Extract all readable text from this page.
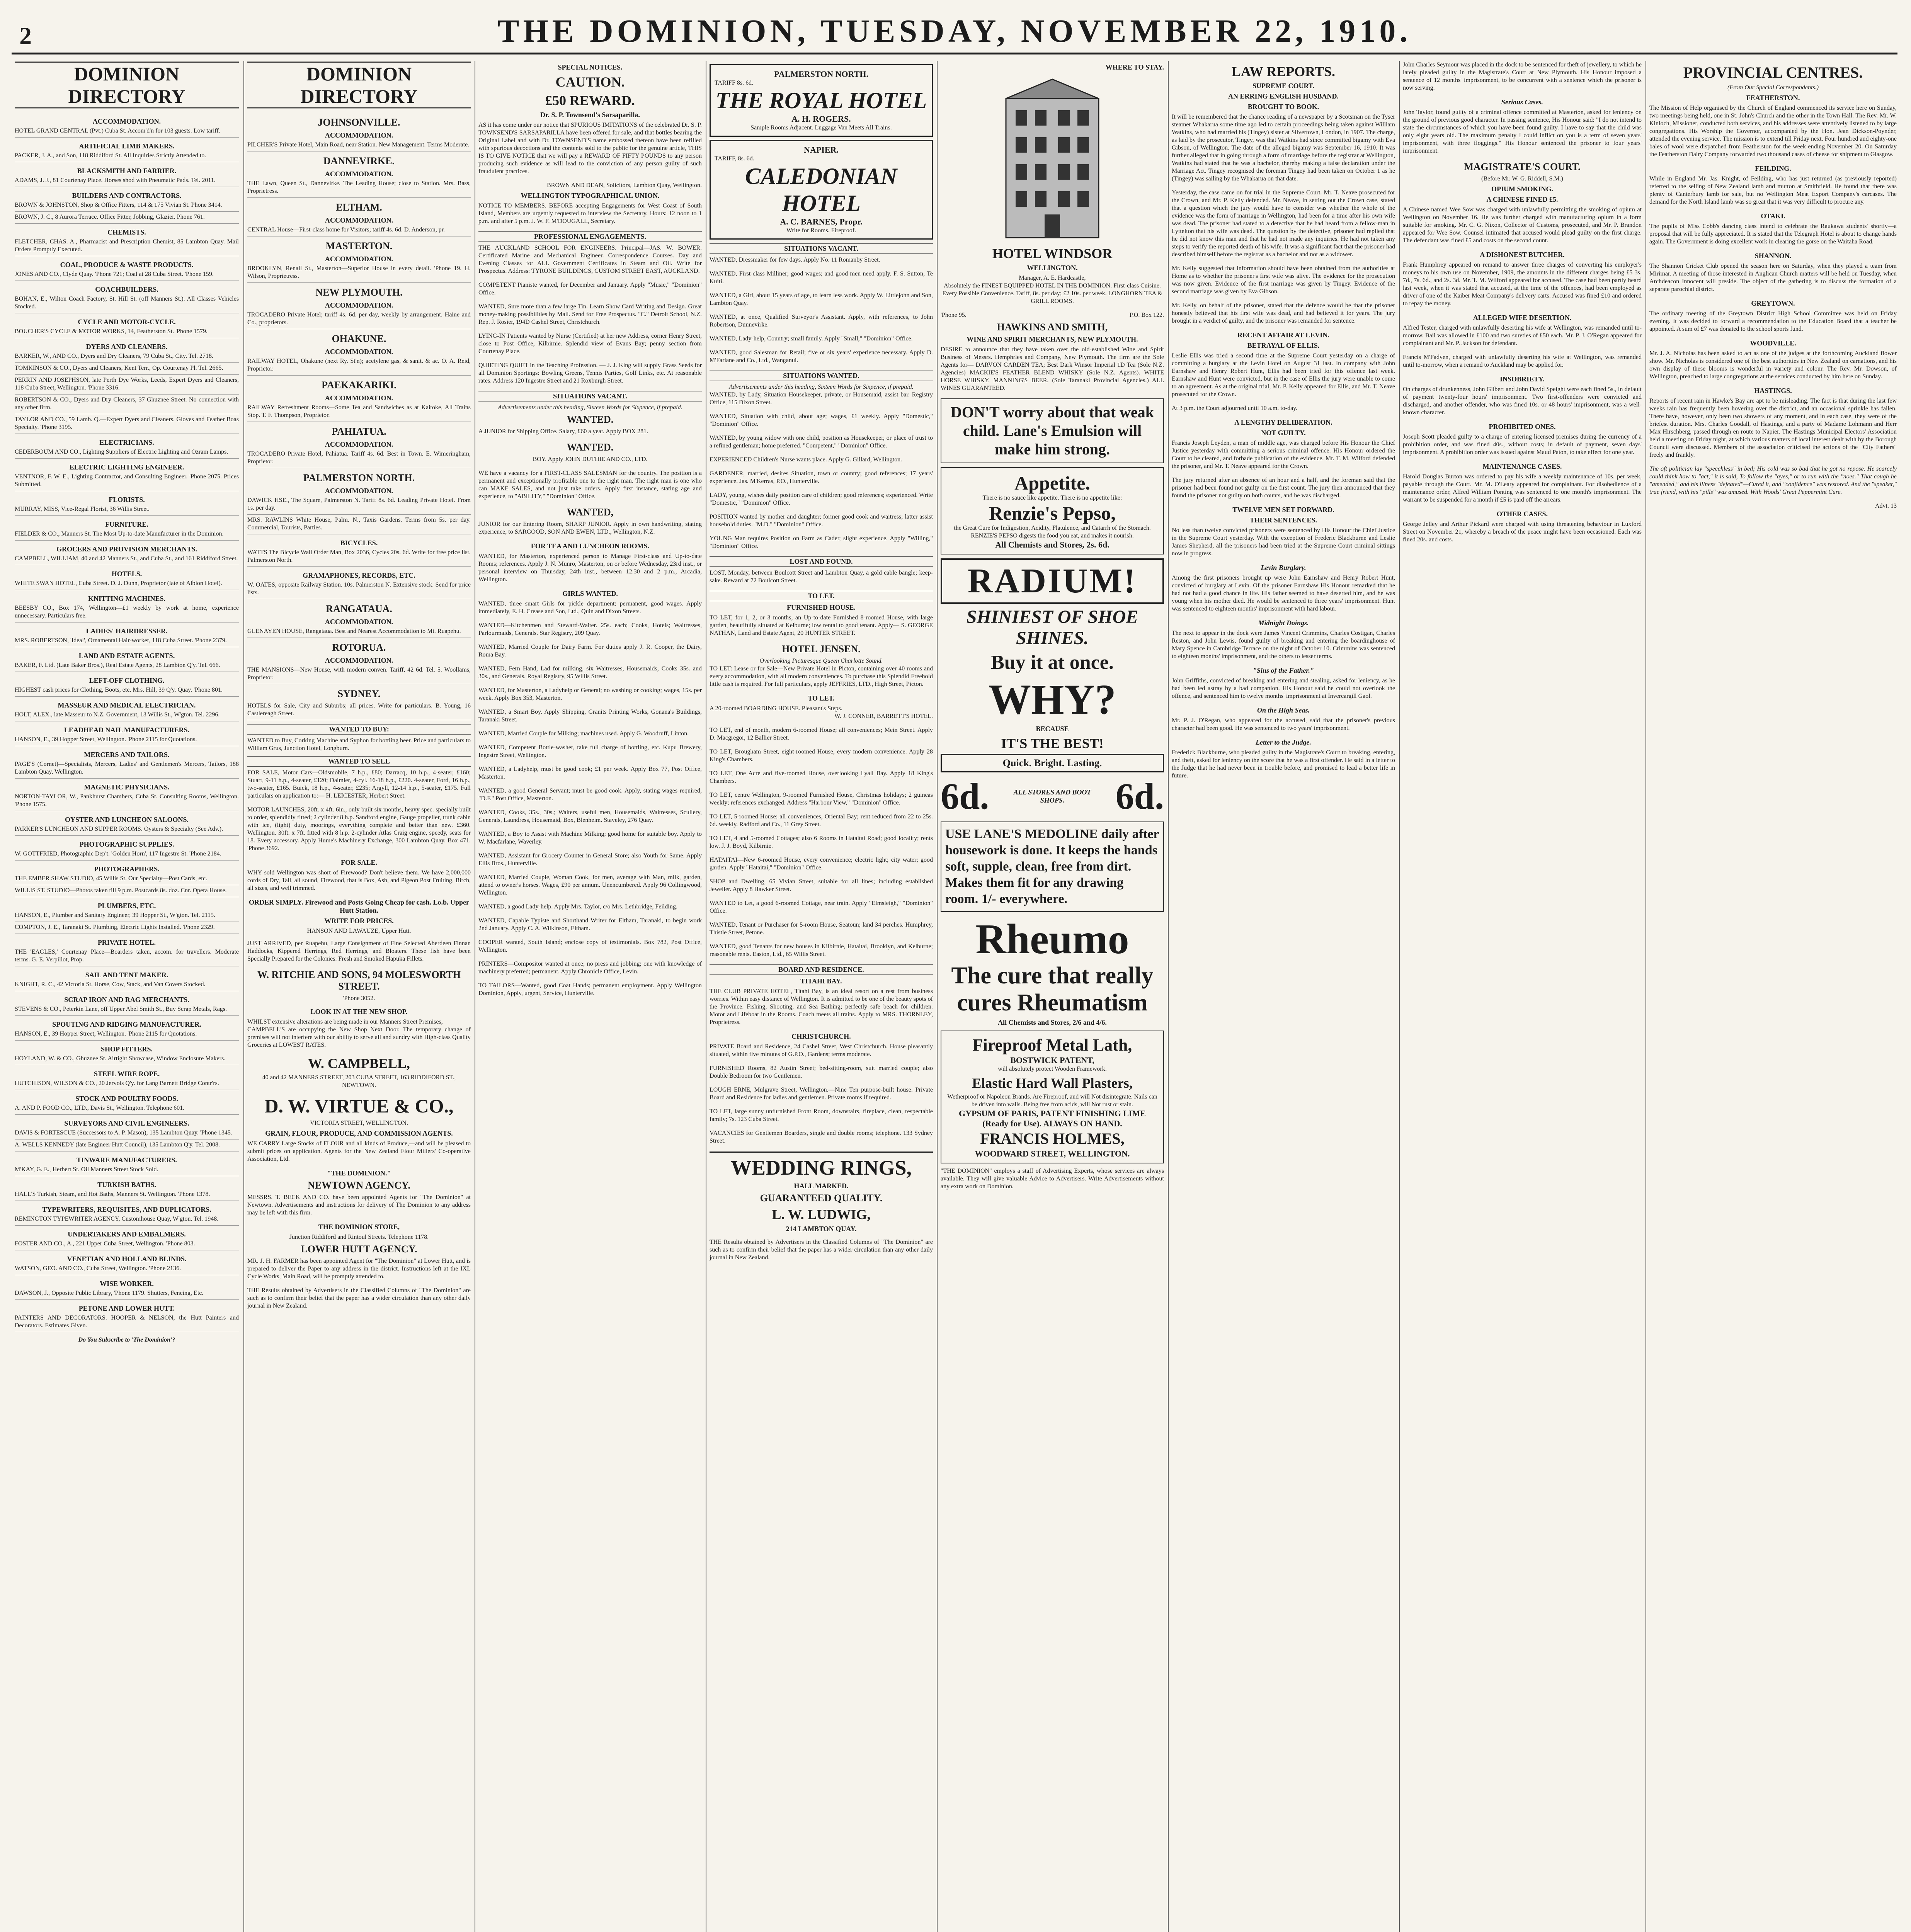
2	THE DOMINION, TUESDAY, NOVEMBER 22, 1910.
DOMINION DIRECTORY
ACCOMMODATION.
HOTEL GRAND CENTRAL (Pvt.) Cuba St. Accom'd'n for 103 guests. Low tariff.
ARTIFICIAL LIMB MAKERS.
PACKER, J. A., and Son, 118 Riddiford St. All Inquiries Strictly Attended to.
BLACKSMITH AND FARRIER.
ADAMS, J. J., 81 Courtenay Place. Horses shod with Pneumatic Pads. Tel. 2011.
BUILDERS AND CONTRACTORS.
BROWN & JOHNSTON, Shop & Office Fitters, 114 & 175 Vivian St. Phone 3414.
BROWN, J. C., 8 Aurora Terrace. Office Fitter, Jobbing, Glazier. Phone 761.
CHEMISTS.
FLETCHER, CHAS. A., Pharmacist and Prescription Chemist, 85 Lambton Quay. Mail Orders Promptly Executed.
COAL, PRODUCE & WASTE PRODUCTS.
JONES AND CO., Clyde Quay. 'Phone 721; Coal at 28 Cuba Street. 'Phone 159.
COACHBUILDERS.
BOHAN, E., Wilton Coach Factory, St. Hill St. (off Manners St.). All Classes Vehicles Stocked.
CYCLE AND MOTOR-CYCLE.
BOUCHER'S CYCLE & MOTOR WORKS, 14, Featherston St. 'Phone 1579.
DYERS AND CLEANERS.
BARKER, W., AND CO., Dyers and Dry Cleaners, 79 Cuba St., City. Tel. 2718.
TOMKINSON & CO., Dyers and Cleaners, Kent Terr., Op. Courtenay Pl. Tel. 2665.
PERRIN AND JOSEPHSON, late Perth Dye Works, Leeds, Expert Dyers and Cleaners, 118 Cuba Street, Wellington. 'Phone 3316.
ROBERTSON & CO., Dyers and Dry Cleaners, 37 Ghuznee Street. No connection with any other firm.
TAYLOR AND CO., 59 Lamb. Q.—Expert Dyers and Cleaners. Gloves and Feather Boas Specialty. 'Phone 3195.
ELECTRICIANS.
CEDERBOUM AND CO., Lighting Suppliers of Electric Lighting and Ozram Lamps.
ELECTRIC LIGHTING ENGINEER.
VENTNOR, F. W. E., Lighting Contractor, and Consulting Engineer. 'Phone 2075. Prices Submitted.
FLORISTS.
MURRAY, MISS, Vice-Regal Florist, 36 Willis Street.
FURNITURE.
FIELDER & CO., Manners St. The Most Up-to-date Manufacturer in the Dominion.
GROCERS AND PROVISION MERCHANTS.
CAMPBELL, WILLIAM, 40 and 42 Manners St., and Cuba St., and 161 Riddiford Street.
HOTELS.
WHITE SWAN HOTEL, Cuba Street. D. J. Dunn, Proprietor (late of Albion Hotel).
KNITTING MACHINES.
BEESBY CO., Box 174, Wellington—£1 weekly by work at home, experience unnecessary. Particulars free.
LADIES' HAIRDRESSER.
MRS. ROBERTSON, 'Ideal', Ornamental Hair-worker, 118 Cuba Street. 'Phone 2379.
LAND AND ESTATE AGENTS.
BAKER, F. Ltd. (Late Baker Bros.), Real Estate Agents, 28 Lambton Q'y. Tel. 666.
LEFT-OFF CLOTHING.
HIGHEST cash prices for Clothing, Boots, etc. Mrs. Hill, 39 Q'y. Quay. 'Phone 801.
MASSEUR AND MEDICAL ELECTRICIAN.
HOLT, ALEX., late Masseur to N.Z. Government, 13 Willis St., W'gton. Tel. 2296.
LEADHEAD NAIL MANUFACTURERS.
HANSON, E., 39 Hopper Street, Wellington. 'Phone 2115 for Quotations.
MERCERS AND TAILORS.
PAGE'S (Cornet)—Specialists, Mercers, Ladies' and Gentlemen's Mercers, Tailors, 188 Lambton Quay, Wellington.
MAGNETIC PHYSICIANS.
NORTON-TAYLOR, W., Pankhurst Chambers, Cuba St. Consulting Rooms, Wellington. 'Phone 1575.
OYSTER AND LUNCHEON SALOONS.
PARKER'S LUNCHEON AND SUPPER ROOMS. Oysters & Specialty (See Adv.).
PHOTOGRAPHIC SUPPLIES.
W. GOTTFRIED, Photographic Dep't. 'Golden Horn', 117 Ingestre St. 'Phone 2184.
PHOTOGRAPHERS.
THE EMBER SHAW STUDIO, 45 Willis St. Our Specialty—Post Cards, etc.
WILLIS ST. STUDIO—Photos taken till 9 p.m. Postcards 8s. doz. Cnr. Opera House.
PLUMBERS, ETC.
HANSON, E., Plumber and Sanitary Engineer, 39 Hopper St., W'gton. Tel. 2115.
COMPTON, J. E., Taranaki St. Plumbing, Electric Lights Installed. 'Phone 2329.
PRIVATE HOTEL.
THE 'EAGLES,' Courtenay Place—Boarders taken, accom. for travellers. Moderate terms. G. E. Verpillot, Prop.
SAIL AND TENT MAKER.
KNIGHT, R. C., 42 Victoria St. Horse, Cow, Stack, and Van Covers Stocked.
SCRAP IRON AND RAG MERCHANTS.
STEVENS & CO., Peterkin Lane, off Upper Abel Smith St., Buy Scrap Metals, Rags.
SPOUTING AND RIDGING MANUFACTURER.
HANSON, E., 39 Hopper Street, Wellington. 'Phone 2115 for Quotations.
SHOP FITTERS.
HOYLAND, W. & CO., Ghuznee St. Airtight Showcase, Window Enclosure Makers.
STEEL WIRE ROPE.
HUTCHISON, WILSON & CO., 20 Jervois Q'y. for Lang Barnett Bridge Contr'rs.
STOCK AND POULTRY FOODS.
A. AND P. FOOD CO., LTD., Davis St., Wellington. Telephone 601.
SURVEYORS AND CIVIL ENGINEERS.
DAVIS & FORTESCUE (Successors to A. P. Mason), 135 Lambton Quay. 'Phone 1345.
A. WELLS KENNEDY (late Engineer Hutt Council), 135 Lambton Q'y. Tel. 2008.
TINWARE MANUFACTURERS.
M'KAY, G. E., Herbert St. Oil Manners Street Stock Sold.
TURKISH BATHS.
HALL'S Turkish, Steam, and Hot Baths, Manners St. Wellington. 'Phone 1378.
TYPEWRITERS, REQUISITES, AND DUPLICATORS.
REMINGTON TYPEWRITER AGENCY, Customhouse Quay, W'gton. Tel. 1948.
UNDERTAKERS AND EMBALMERS.
FOSTER AND CO., A., 221 Upper Cuba Street, Wellington. 'Phone 803.
VENETIAN AND HOLLAND BLINDS.
WATSON, GEO. AND CO., Cuba Street, Wellington. 'Phone 2136.
WISE WORKER.
DAWSON, J., Opposite Public Library, 'Phone 1179. Shutters, Fencing, Etc.
PETONE AND LOWER HUTT.
PAINTERS AND DECORATORS. HOOPER & NELSON, the Hutt Painters and Decorators. Estimates Given.
Do You Subscribe to 'The Dominion'?
DOMINION DIRECTORY
JOHNSONVILLE.
ACCOMMODATION.
PILCHER'S Private Hotel, Main Road, near Station. New Management. Terms Moderate.
DANNEVIRKE.
ACCOMMODATION.
THE Lawn, Queen St., Dannevirke. The Leading House; close to Station. Mrs. Bass, Proprietress.
ELTHAM.
ACCOMMODATION.
CENTRAL House—First-class home for Visitors; tariff 4s. 6d. D. Anderson, pr.
MASTERTON.
ACCOMMODATION.
BROOKLYN, Renall St., Masterton—Superior House in every detail. 'Phone 19. H. Wilson, Proprietress.
NEW PLYMOUTH.
ACCOMMODATION.
TROCADERO Private Hotel; tariff 4s. 6d. per day, weekly by arrangement. Haine and Co., proprietors.
OHAKUNE.
ACCOMMODATION.
RAILWAY HOTEL, Ohakune (next Ry. St'n); acetylene gas, & sanit. & ac. O. A. Reid, Proprietor.
PAEKAKARIKI.
ACCOMMODATION.
RAILWAY Refreshment Rooms—Some Tea and Sandwiches as at Kaitoke, All Trains Stop. T. F. Thompson, Proprietor.
PAHIATUA.
ACCOMMODATION.
TROCADERO Private Hotel, Pahiatua. Tariff 4s. 6d. Best in Town. E. Wimeringham, Proprietor.
PALMERSTON NORTH.
ACCOMMODATION.
DAWICK HSE., The Square, Palmerston N. Tariff 8s. 6d. Leading Private Hotel. From 1s. per day.
MRS. RAWLINS White House, Palm. N., Taxis Gardens. Terms from 5s. per day. Commercial, Tourists, Parties.
BICYCLES.
WATTS The Bicycle Wall Order Man, Box 2036, Cycles 20s. 6d. Write for free price list. Palmerston North.
GRAMAPHONES, RECORDS, ETC.
W. OATES, opposite Railway Station. 10s. Palmerston N. Extensive stock. Send for price lists.
RANGATAUA.
ACCOMMODATION.
GLENAYEN HOUSE, Rangataua. Best and Nearest Accommodation to Mt. Ruapehu.
ROTORUA.
ACCOMMODATION.
THE MANSIONS—New House, with modern conven. Tariff, 42 6d. Tel. 5. Woollams, Proprietor.
SYDNEY.
HOTELS for Sale, City and Suburbs; all prices. Write for particulars. B. Young, 16 Castlereagh Street.
WANTED TO BUY:
WANTED to Buy, Corking Machine and Syphon for bottling beer. Price and particulars to William Grus, Junction Hotel, Longburn.
WANTED TO SELL
FOR SALE, Motor Cars—Oldsmobile, 7 h.p., £80; Darracq, 10 h.p., 4-seater, £160; Stuart, 9-11 h.p., 4-seater, £120; Daimler, 4-cyl. 16-18 h.p., £220. 4-seater, Ford, 16 h.p., two-seater, £165. Buick, 18 h.p., 4-seater, £235; Argyll, 12-14 h.p., 5-seater, £175. Full particulars on application to:— H. LEICESTER, Herbert Street.
MOTOR LAUNCHES, 20ft. x 4ft. 6in., only built six months, heavy spec. specially built to order, splendidly fitted; 2 cylinder 8 h.p. Sandford engine, Gauge propeller, trunk cabin with ice, (light) duty, moorings, everything complete and better than new. £360. Wellington. 30ft. x 7ft. fitted with 8 h.p. 2-cylinder Atlas Craig engine, speedy, seats for 18. Every accessory. Apply Hume's Machinery Exchange, 300 Lambton Quay. Box 471. 'Phone 3692.
FOR SALE.
WHY sold Wellington was short of Firewood? Don't believe them. We have 2,000,000 cords of Dry, Tall, all sound, Firewood, that is Box, Ash, and Pigeon Post Fruiting, Birch, all sizes, and well trimmed.
ORDER SIMPLY. Firewood and Posts Going Cheap for cash. Lo.b. Upper Hutt Station.
WRITE FOR PRICES.
HANSON AND LAWAUZE, Upper Hutt.
JUST ARRIVED, per Ruapehu, Large Consignment of Fine Selected Aberdeen Finnan Haddocks, Kippered Herrings, Red Herrings, and Bloaters. These fish have been Specially Prepared for the Colonies. Fresh and Smoked Hapuka Fillets.
W. RITCHIE AND SONS, 94 MOLESWORTH STREET.
'Phone 3052.
LOOK IN AT THE NEW SHOP.
WHILST extensive alterations are being made in our Manners Street Premises,
CAMPBELL'S are occupying the New Shop Next Door. The temporary change of premises will not interfere with our ability to serve all and sundry with High-class Quality Groceries at LOWEST RATES.
W. CAMPBELL,
40 and 42 MANNERS STREET, 203 CUBA STREET, 163 RIDDIFORD ST., NEWTOWN.
D. W. VIRTUE & CO.,
VICTORIA STREET, WELLINGTON.
GRAIN, FLOUR, PRODUCE, AND COMMISSION AGENTS.
WE CARRY Large Stocks of FLOUR and all kinds of Produce,—and will be pleased to submit prices on application. Agents for the New Zealand Flour Millers' Co-operative Association, Ltd.
"THE DOMINION."
NEWTOWN AGENCY.
MESSRS. T. BECK AND CO. have been appointed Agents for "The Dominion" at Newtown. Advertisements and instructions for delivery of The Dominion to any address may be left with this firm.
THE DOMINION STORE,
Junction Riddiford and Rintoul Streets. Telephone 1178.
LOWER HUTT AGENCY.
MR. J. H. FARMER has been appointed Agent for "The Dominion" at Lower Hutt, and is prepared to deliver the Paper to any address in the district. Instructions left at the IXL Cycle Works, Main Road, will be promptly attended to.
THE Results obtained by Advertisers in the Classified Columns of "The Dominion" are such as to confirm their belief that the paper has a wider circulation than any other daily journal in New Zealand.
SPECIAL NOTICES.
CAUTION.
£50 REWARD.
Dr. S. P. Townsend's Sarsaparilla.
AS it has come under our notice that SPURIOUS IMITATIONS of the celebrated Dr. S. P. TOWNSEND'S SARSAPARILLA have been offered for sale, and that bottles bearing the Original Label and with Dr. TOWNSEND'S name embossed thereon have been refilled with spurious decoctions and the contents sold to the public for the genuine article, THIS IS TO GIVE NOTICE that we will pay a REWARD OF FIFTY POUNDS to any person producing such evidence as will lead to the conviction of any person guilty of such fraudulent practices.
BROWN AND DEAN, Solicitors, Lambton Quay, Wellington.
WELLINGTON TYPOGRAPHICAL UNION.
NOTICE TO MEMBERS. BEFORE accepting Engagements for West Coast of South Island, Members are urgently requested to interview the Secretary. Hours: 12 noon to 1 p.m. and after 5 p.m. J. W. F. M'DOUGALL, Secretary.
PROFESSIONAL ENGAGEMENTS.
THE AUCKLAND SCHOOL FOR ENGINEERS. Principal—JAS. W. BOWER. Certificated Marine and Mechanical Engineer. Correspondence Courses. Day and Evening Classes for ALL Government Certificates in Steam and Oil. Write for Prospectus. Address: TYRONE BUILDINGS, CUSTOM STREET EAST, AUCKLAND.
COMPETENT Pianiste wanted, for December and January. Apply "Music," "Dominion" Office.
WANTED, Sure more than a few large Tin. Learn Show Card Writing and Design. Great money-making possibilities by Mail. Send for Free Prospectus. "C." Detroit School, N.Z. Rep. J. Rosier, 194D Cashel Street, Christchurch.
LYING-IN Patients wanted by Nurse (Certified) at her new Address, corner Henry Street, close to Post Office, Kilbirnie. Splendid view of Evans Bay; penny section from Courtenay Place.
QUIETING QUIET in the Teaching Profession. — J. J. King will supply Grass Seeds for all Dominion Sportings: Bowling Greens, Tennis Parties, Golf Links, etc. At reasonable rates. Address 120 Ingestre Street and 21 Roxburgh Street.
SITUATIONS VACANT.
Advertisements under this heading, Sixteen Words for Sixpence, if prepaid.
WANTED.
A JUNIOR for Shipping Office. Salary, £60 a year. Apply BOX 281.
WANTED.
BOY. Apply JOHN DUTHIE AND CO., LTD.
WE have a vacancy for a FIRST-CLASS SALESMAN for the country. The position is a permanent and exceptionally profitable one to the right man. The right man is one who can MAKE SALES, and not just take orders. Apply first instance, stating age and experience, to "ABILITY," "Dominion" Office.
WANTED,
JUNIOR for our Entering Room, SHARP JUNIOR. Apply in own handwriting, stating experience, to SARGOOD, SON AND EWEN, LTD., Wellington, N.Z.
FOR TEA AND LUNCHEON ROOMS.
WANTED, for Masterton, experienced person to Manage First-class and Up-to-date Rooms; references. Apply J. N. Munro, Masterton, on or before Wednesday, 23rd inst., or personal interview on Thursday, 24th inst., between 12.30 and 2 p.m., Arcadia, Wellington.
GIRLS WANTED.
WANTED, three smart Girls for pickle department; permanent, good wages. Apply immediately, E. H. Crease and Son, Ltd., Quin and Dixon Streets.
WANTED—Kitchenmen and Steward-Waiter. 25s. each; Cooks, Hotels; Waitresses, Parlourmaids, Generals. Star Registry, 209 Quay.
WANTED, Married Couple for Dairy Farm. For duties apply J. R. Cooper, the Dairy, Roma Bay.
WANTED, Fern Hand, Lad for milking, six Waitresses, Housemaids, Cooks 35s. and 30s., and Generals. Royal Registry, 95 Willis Street.
WANTED, for Masterton, a Ladyhelp or General; no washing or cooking; wages, 15s. per week. Apply Box 353, Masterton.
WANTED, a Smart Boy. Apply Shipping, Granits Printing Works, Gonana's Buildings, Taranaki Street.
WANTED, Married Couple for Milking; machines used. Apply G. Woodruff, Linton.
WANTED, Competent Bottle-washer, take full charge of bottling, etc. Kupu Brewery, Ingestre Street, Wellington.
WANTED, a Ladyhelp, must be good cook; £1 per week. Apply Box 77, Post Office, Masterton.
WANTED, a good General Servant; must be good cook. Apply, stating wages required, "D.F." Post Office, Masterton.
WANTED, Cooks, 35s., 30s.; Waiters, useful men, Housemaids, Waitresses, Scullery, Generals, Laundress, Housemaid, Box, Blenheim. Staveley, 276 Quay.
WANTED, a Boy to Assist with Machine Milking; good home for suitable boy. Apply to W. Macfarlane, Waverley.
WANTED, Assistant for Grocery Counter in General Store; also Youth for Same. Apply Ellis Bros., Hunterville.
WANTED, Married Couple, Woman Cook, for men, average with Man, milk, garden, attend to owner's horses. Wages, £90 per annum. Unencumbered. Apply 96 Collingwood, Wellington.
WANTED, a good Lady-help. Apply Mrs. Taylor, c/o Mrs. Lethbridge, Feilding.
WANTED, Capable Typiste and Shorthand Writer for Eltham, Taranaki, to begin work 2nd January. Apply C. A. Wilkinson, Eltham.
COOPER wanted, South Island; enclose copy of testimonials. Box 782, Post Office, Wellington.
PRINTERS—Compositor wanted at once; no press and jobbing; one with knowledge of machinery preferred; permanent. Apply Chronicle Office, Levin.
TO TAILORS—Wanted, good Coat Hands; permanent employment. Apply Wellington Dominion, Apply, urgent, Service, Hunterville.
PALMERSTON NORTH.
TARIFF 8s. 6d.
THE ROYAL HOTEL
A. H. ROGERS.
Sample Rooms Adjacent. Luggage Van Meets All Trains.
NAPIER.
TARIFF, 8s. 6d.
CALEDONIAN HOTEL
A. C. BARNES, Propr.
Write for Rooms. Fireproof.
SITUATIONS VACANT.
WANTED, Dressmaker for few days. Apply No. 11 Romanby Street.
WANTED, First-class Milliner; good wages; and good men need apply. F. S. Sutton, Te Kuiti.
WANTED, a Girl, about 15 years of age, to learn less work. Apply W. Littlejohn and Son, Lambton Quay.
WANTED, at once, Qualified Surveyor's Assistant. Apply, with references, to John Robertson, Dunnevirke.
WANTED, Lady-help, Country; small family. Apply "Small," "Dominion" Office.
WANTED, good Salesman for Retail; five or six years' experience necessary. Apply D. M'Farlane and Co., Ltd., Wanganui.
SITUATIONS WANTED.
Advertisements under this heading, Sixteen Words for Sixpence, if prepaid.
WANTED, by Lady, Situation Housekeeper, private, or Housemaid, assist bar. Registry Office, 115 Dixon Street.
WANTED, Situation with child, about age; wages, £1 weekly. Apply "Domestic," "Dominion" Office.
WANTED, by young widow with one child, position as Housekeeper, or place of trust to a refined gentleman; home preferred. "Competent," "Dominion" Office.
EXPERIENCED Children's Nurse wants place. Apply G. Gillard, Wellington.
GARDENER, married, desires Situation, town or country; good references; 17 years' experience. Jas. M'Kerras, P.O., Hunterville.
LADY, young, wishes daily position care of children; good references; experienced. Write "Domestic," "Dominion" Office.
POSITION wanted by mother and daughter; former good cook and waitress; latter assist household duties. "M.D." "Dominion" Office.
YOUNG Man requires Position on Farm as Cadet; slight experience. Apply "Willing," "Dominion" Office.
LOST AND FOUND.
LOST, Monday, between Boulcott Street and Lambton Quay, a gold cable bangle; keep-sake. Reward at 72 Boulcott Street.
TO LET.
FURNISHED HOUSE.
TO LET, for 1, 2, or 3 months, an Up-to-date Furnished 8-roomed House, with large garden, beautifully situated at Kelburne; low rental to good tenant. Apply— S. GEORGE NATHAN, Land and Estate Agent, 20 HUNTER STREET.
HOTEL JENSEN.
Overlooking Picturesque Queen Charlotte Sound.
TO LET: Lease or for Sale—New Private Hotel in Picton, containing over 40 rooms and every accommodation, with all modern conveniences. To purchase this Splendid Freehold little cash is required. For full particulars, apply JEFFRIES, LTD., High Street, Picton.
TO LET.
A 20-roomed BOARDING HOUSE. Pleasant's Steps.
W. J. CONNER, BARRETT'S HOTEL.
TO LET, end of month, modern 6-roomed House; all conveniences; Mein Street. Apply D. Macgregor, 12 Ballier Street.
TO LET, Brougham Street, eight-roomed House, every modern convenience. Apply 28 King's Chambers.
TO LET, One Acre and five-roomed House, overlooking Lyall Bay. Apply 18 King's Chambers.
TO LET, centre Wellington, 9-roomed Furnished House, Christmas holidays; 2 guineas weekly; references exchanged. Address "Harbour View," "Dominion" Office.
TO LET, 5-roomed House; all conveniences, Oriental Bay; rent reduced from 22 to 25s. 6d. weekly. Radford and Co., 11 Grey Street.
TO LET, 4 and 5-roomed Cottages; also 6 Rooms in Hataitai Road; good locality; rents low. J. J. Boyd, Kilbirnie.
HATAITAI—New 6-roomed House, every convenience; electric light; city water; good garden. Apply "Hataitai," "Dominion" Office.
SHOP and Dwelling, 65 Vivian Street, suitable for all lines; including established Jeweller. Apply 8 Hawker Street.
WANTED to Let, a good 6-roomed Cottage, near train. Apply "Elmsleigh," "Dominion" Office.
WANTED, Tenant or Purchaser for 5-room House, Seatoun; land 34 perches. Humphrey, Thistle Street, Petone.
WANTED, good Tenants for new houses in Kilbirnie, Hataitai, Brooklyn, and Kelburne; reasonable rents. Easton, Ltd., 65 Willis Street.
BOARD AND RESIDENCE.
TITAHI BAY.
THE CLUB PRIVATE HOTEL, Titahi Bay, is an ideal resort on a rest from business worries. Within easy distance of Wellington. It is admitted to be one of the beauty spots of the Province. Fishing, Shooting, and Sea Bathing; perfectly safe beach for children. Motor and Lifeboat in the Rooms. Coach meets all trains. Apply to MRS. THORNLEY, Proprietress.
CHRISTCHURCH.
PRIVATE Board and Residence, 24 Cashel Street, West Christchurch. House pleasantly situated, within five minutes of G.P.O., Gardens; terms moderate.
FURNISHED Rooms, 82 Austin Street; bed-sitting-room, suit married couple; also Double Bedroom for two Gentlemen.
LOUGH ERNE, Mulgrave Street, Wellington.—Nine Ten purpose-built house. Private Board and Residence for ladies and gentlemen. Private rooms if required.
TO LET, large sunny unfurnished Front Room, downstairs, fireplace, clean, respectable family; 7s. 123 Cuba Street.
VACANCIES for Gentlemen Boarders, single and double rooms; telephone. 133 Sydney Street.
WEDDING RINGS,
HALL MARKED.
GUARANTEED QUALITY.
L. W. LUDWIG,
214 LAMBTON QUAY.
THE Results obtained by Advertisers in the Classified Columns of "The Dominion" are such as to confirm their belief that the paper has a wider circulation than any other daily journal in New Zealand.
WHERE TO STAY.
HOTEL WINDSOR
WELLINGTON.
Manager, A. E. Hardcastle,
Absolutely the FINEST EQUIPPED HOTEL IN THE DOMINION. First-class Cuisine. Every Possible Convenience. Tariff, 8s. per day; £2 10s. per week. LONGHORN TEA & GRILL ROOMS.
'Phone 95.	P.O. Box 122.
HAWKINS AND SMITH,
WINE AND SPIRIT MERCHANTS, NEW PLYMOUTH.
DESIRE to announce that they have taken over the old-established Wine and Spirit Business of Messrs. Hemphries and Company, New Plymouth. The firm are the Sole Agents for— DARVON GARDEN TEA; Best Dark Winsor Imperial 1D Tea (Sole N.Z. Agencies) MACKIE'S FEATHER BLEND WHISKY (Sole N.Z. Agents). WHITE HORSE WHISKY. MANNING'S BEER. (Sole Taranaki Provincial Agencies.) ALL WINES GUARANTEED.
DON'T worry about that weak child. Lane's Emulsion will make him strong.
Appetite.
There is no sauce like appetite. There is no appetite like:
Renzie's Pepso,
the Great Cure for Indigestion, Acidity, Flatulence, and Catarrh of the Stomach. RENZIE'S PEPSO digests the food you eat, and makes it nourish.
All Chemists and Stores, 2s. 6d.
RADIUM!
SHINIEST OF SHOE SHINES.
Buy it at once.
WHY?
BECAUSE
IT'S THE BEST!
Quick. Bright. Lasting.
6d.	ALL STORES AND BOOT SHOPS.	6d.
USE LANE'S MEDOLINE daily after housework is done. It keeps the hands soft, supple, clean, free from dirt. Makes them fit for any drawing room. 1/- everywhere.
Rheumo
The cure that really cures Rheumatism
All Chemists and Stores, 2/6 and 4/6.
Fireproof Metal Lath,
BOSTWICK PATENT,
will absolutely protect Wooden Framework.
Elastic Hard Wall Plasters,
Wetherproof or Napoleon Brands. Are Fireproof, and will Not disintegrate. Nails can be driven into walls. Being free from acids, will Not rust or stain.
GYPSUM OF PARIS, PATENT FINISHING LIME (Ready for Use). ALWAYS ON HAND.
FRANCIS HOLMES,
WOODWARD STREET, WELLINGTON.
"THE DOMINION" employs a staff of Advertising Experts, whose services are always available. They will give valuable Advice to Advertisers. Write Advertisements without any extra work on Dominion.
LAW REPORTS.
SUPREME COURT.
AN ERRING ENGLISH HUSBAND.
BROUGHT TO BOOK.
It will be remembered that the chance reading of a newspaper by a Scotsman on the Tyser steamer Whakarua some time ago led to certain proceedings being taken against William Watkins, who had married his (Tingey) sister at Silvertown, London, in 1907. The charge, as laid by the prosecutor, Tingey, was that Watkins had since committed bigamy with Eva Gibson, of Wellington. The date of the alleged bigamy was September 16, 1910. It was further alleged that in going through a form of marriage before the registrar at Wellington, Watkins had stated that he was a bachelor, thereby making a false declaration under the Marriage Act. Tingey recognised the foreman Tingey had been taken on October 1 as he (Tingey) was sailing by the Whakarua on that date.
Yesterday, the case came on for trial in the Supreme Court. Mr. T. Neave prosecuted for the Crown, and Mr. P. Kelly defended. Mr. Neave, in setting out the Crown case, stated that a question which the jury would have to consider was whether the whole of the evidence was the form of marriage in Wellington, had been for a time after his own wife was dead. The prisoner had stated to a detective that he had heard from a fellow-man in Lyttelton that his wife was dead. The question by the detective, prisoner had replied that he did not know this man and that he had not made any inquiries. He had not taken any steps to verify the reported death of his wife. It was a significant fact that the prisoner had described himself before the registrar as a bachelor and not as a widower.
Mr. Kelly suggested that information should have been obtained from the authorities at Home as to whether the prisoner's first wife was alive. The evidence for the prosecution was now given. Evidence of the first marriage was given by Tingey. Evidence of the second marriage was given by Eva Gibson.
Mr. Kelly, on behalf of the prisoner, stated that the defence would be that the prisoner honestly believed that his first wife was dead, and had believed it for years. The jury brought in a verdict of guilty, and the prisoner was remanded for sentence.
RECENT AFFAIR AT LEVIN.
BETRAYAL OF ELLIS.
Leslie Ellis was tried a second time at the Supreme Court yesterday on a charge of committing a burglary at the Levin Hotel on August 31 last. In company with John Earnshaw and Henry Robert Hunt, Ellis had been tried for this offence last week. Earnshaw and Hunt were convicted, but in the case of Ellis the jury were unable to come to an agreement. As at the original trial, Mr. P. Kelly appeared for Ellis, and Mr. T. Neave prosecuted for the Crown.
At 3 p.m. the Court adjourned until 10 a.m. to-day.
A LENGTHY DELIBERATION.
NOT GUILTY.
Francis Joseph Leyden, a man of middle age, was charged before His Honour the Chief Justice yesterday with committing a serious criminal offence. His Honour ordered the Court to be cleared, and forbade publication of the evidence. Mr. T. M. Wilford defended the prisoner, and Mr. T. Neave appeared for the Crown.
The jury returned after an absence of an hour and a half, and the foreman said that the prisoner had been found not guilty on the first count. The jury then announced that they found the prisoner not guilty on both counts, and he was discharged.
TWELVE MEN SET FORWARD.
THEIR SENTENCES.
No less than twelve convicted prisoners were sentenced by His Honour the Chief Justice in the Supreme Court yesterday. With the exception of Frederic Blackburne and Leslie James Shepherd, all the prisoners had been tried at the Supreme Court criminal sittings now in progress.
Levin Burglary.
Among the first prisoners brought up were John Earnshaw and Henry Robert Hunt, convicted of burglary at Levin. Of the prisoner Earnshaw His Honour remarked that he had not had a good chance in life. His father seemed to have deserted him, and he was young when his mother died. He would be sentenced to three years' imprisonment. Hunt was sentenced to eighteen months' imprisonment with hard labour.
Midnight Doings.
The next to appear in the dock were James Vincent Crimmins, Charles Costigan, Charles Reston, and John Lewis, found guilty of breaking and entering the boardinghouse of Mary Spence in Cambridge Terrace on the night of October 10. Crimmins was sentenced to eighteen months' imprisonment, and the others to lesser terms.
"Sins of the Father."
John Griffiths, convicted of breaking and entering and stealing, asked for leniency, as he had been led astray by a bad companion. His Honour said he could not overlook the offence, and sentenced him to twelve months' imprisonment at Invercargill Gaol.
On the High Seas.
Mr. P. J. O'Regan, who appeared for the accused, said that the prisoner's previous character had been good. He was sentenced to two years' imprisonment.
Letter to the Judge.
Frederick Blackburne, who pleaded guilty in the Magistrate's Court to breaking, entering, and theft, asked for leniency on the score that he was a first offender. He said in a letter to the Judge that he had never been in trouble before, and promised to lead a better life in future.
John Charles Seymour was placed in the dock to be sentenced for theft of jewellery, to which he lately pleaded guilty in the Magistrate's Court at New Plymouth. His Honour imposed a sentence of 12 months' imprisonment, to be concurrent with a sentence which the prisoner is now serving.
Serious Cases.
John Taylor, found guilty of a criminal offence committed at Masterton, asked for leniency on the ground of previous good character. In passing sentence, His Honour said: "I do not intend to state the circumstances of which you have been found guilty. I have to say that the child was only eight years old. The maximum penalty I could inflict on you is a term of seven years' imprisonment, with three floggings." His Honour sentenced the prisoner to four years' imprisonment.
MAGISTRATE'S COURT.
(Before Mr. W. G. Riddell, S.M.)
OPIUM SMOKING.
A CHINESE FINED £5.
A Chinese named Wee Sow was charged with unlawfully permitting the smoking of opium at Wellington on November 16. He was further charged with manufacturing opium in a form suitable for smoking. Mr. C. G. Nixon, Collector of Customs, prosecuted, and Mr. P. Brandon appeared for Wee Sow. Counsel intimated that accused would plead guilty on the first charge. The defendant was fined £5 and costs on the second count.
A DISHONEST BUTCHER.
Frank Humphrey appeared on remand to answer three charges of converting his employer's moneys to his own use on November, 1909, the amounts in the different charges being £5 3s. 7d., 7s. 6d., and 2s. 3d. Mr. T. M. Wilford appeared for accused. The case had been partly heard last week, when it was stated that accused, at the time of the offences, had been employed as driver of one of the Kaiber Meat Company's delivery carts. Accused was fined £10 and ordered to repay the money.
ALLEGED WIFE DESERTION.
Alfred Tester, charged with unlawfully deserting his wife at Wellington, was remanded until to-morrow. Bail was allowed in £100 and two sureties of £50 each. Mr. P. J. O'Regan appeared for complainant and Mr. P. Jackson for defendant.
Francis M'Fadyen, charged with unlawfully deserting his wife at Wellington, was remanded until to-morrow, when a remand to Auckland may be applied for.
INSOBRIETY.
On charges of drunkenness, John Gilbert and John David Speight were each fined 5s., in default of payment twenty-four hours' imprisonment. Two first-offenders were convicted and discharged, and another offender, who was fined 10s. or 48 hours' imprisonment, was a well-known character.
PROHIBITED ONES.
Joseph Scott pleaded guilty to a charge of entering licensed premises during the currency of a prohibition order, and was fined 40s., without costs; in default of payment, seven days' imprisonment. A prohibition order was issued against Maud Paton, to take effect for one year.
MAINTENANCE CASES.
Harold Douglas Burton was ordered to pay his wife a weekly maintenance of 10s. per week, payable through the Court. Mr. M. O'Leary appeared for complainant. For disobedience of a maintenance order, Alfred William Ponting was sentenced to one month's imprisonment. The warrant to be suspended for a month if £5 is paid off the arrears.
OTHER CASES.
George Jelley and Arthur Pickard were charged with using threatening behaviour in Luxford Street on November 21, whereby a breach of the peace might have been occasioned. Each was fined 20s. and costs.
PROVINCIAL CENTRES.
(From Our Special Correspondents.)
FEATHERSTON.
The Mission of Help organised by the Church of England commenced its service here on Sunday, two meetings being held, one in St. John's Church and the other in the Town Hall. The Rev. Mr. W. Kinloch, Missioner, conducted both services, and his addresses were attentively listened to by large congregations. His Worship the Governor, accompanied by the Hon. Jean Dickson-Poynder, attended the evening service. The mission is to extend till Friday next. Four hundred and eighty-one bales of wool were dispatched from Featherston for the week ending November 20. On Saturday the Featherston Dairy Company forwarded two thousand cases of cheese for shipment to Glasgow.
FEILDING.
While in England Mr. Jas. Knight, of Feilding, who has just returned (as previously reported) referred to the selling of New Zealand lamb and mutton at Smithfield. He found that there was plenty of Canterbury lamb for sale, but no Wellington Meat Export Company's carcases. The demand for the North Island lamb was so great that it was very difficult to procure any.
OTAKI.
The pupils of Miss Cobb's dancing class intend to celebrate the Raukawa students' shortly—a proposal that will be fully appreciated. It is stated that the Telegraph Hotel is about to change hands again. The Government is doing excellent work in clearing the gorse on the Waitaha Road.
SHANNON.
The Shannon Cricket Club opened the season here on Saturday, when they played a team from Mirimar. A meeting of those interested in Anglican Church matters will be held on Tuesday, when Archdeacon Innocent will preside. The object of the gathering is to discuss the formation of a separate parochial district.
GREYTOWN.
The ordinary meeting of the Greytown District High School Committee was held on Friday evening. It was decided to forward a recommendation to the Education Board that a teacher be appointed. A sum of £7 was donated to the school sports fund.
WOODVILLE.
Mr. J. A. Nicholas has been asked to act as one of the judges at the forthcoming Auckland flower show. Mr. Nicholas is considered one of the best authorities in New Zealand on carnations, and his own display of these blooms is wonderful in variety and colour. The Rev. Mr. Dowson, of Wellington, preached to large congregations at the services conducted by him here on Sunday.
HASTINGS.
Reports of recent rain in Hawke's Bay are apt to be misleading. The fact is that during the last few weeks rain has frequently been hovering over the district, and an occasional sprinkle has fallen. There have, however, only been two showers of any moment, and in each case, they were of the briefest duration. Mrs. Charles Goodall, of Hastings, and a party of Madame Lohmann and Herr Max Hirschberg, passed through en route to Napier. The Hastings Municipal Electors' Association held a meeting on Friday night, at which various matters of local interest dealt with by the Borough Council were discussed. Members of the association criticised the actions of the "City Fathers" freely and frankly.
The oft politician lay "specchless" in bed; His cold was so bad that he got no repose. He scarcely could think how to "act," it is said, To follow the "ayes," or to run with the "noes." That cough he "amended," and his illness "defeated"—Cured it, and "confidence" was restored. And the "speaker," true friend, with his "pills" was amused. With Woods' Great Peppermint Cure.
Advt. 13
